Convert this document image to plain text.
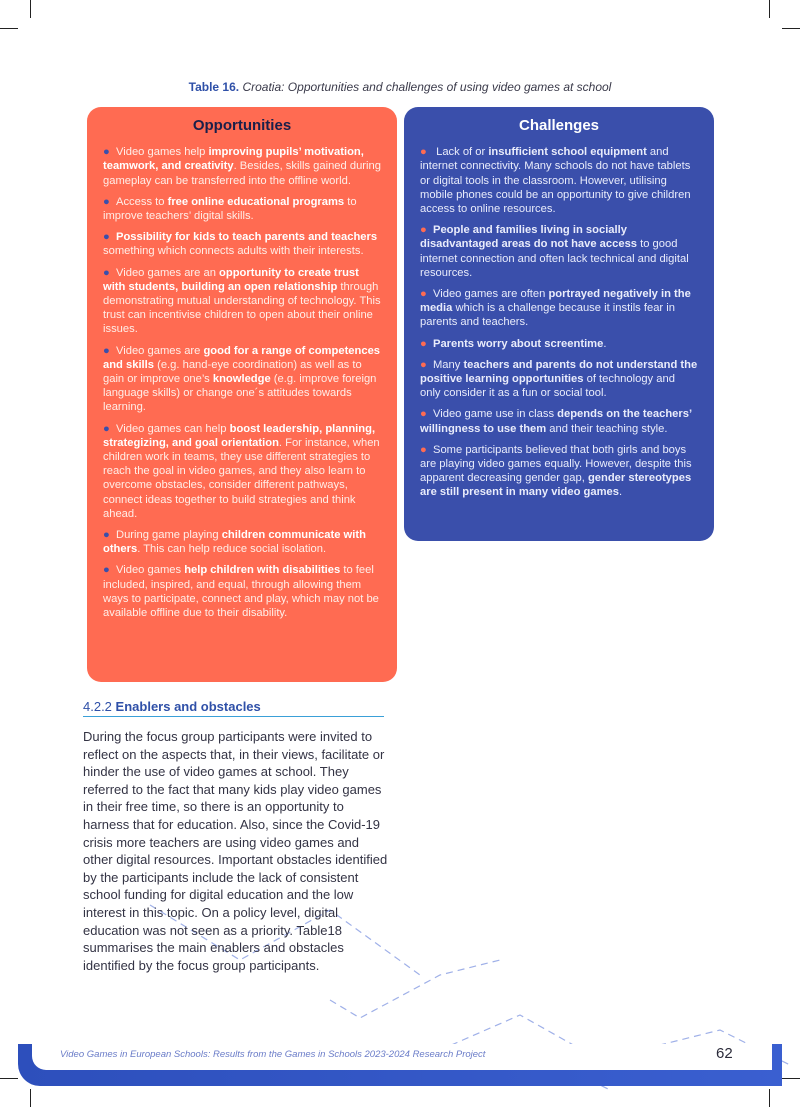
Table 16. Croatia: Opportunities and challenges of using video games at school
Opportunities

● Video games help improving pupils’ motivation, teamwork, and creativity. Besides, skills gained during gameplay can be transferred into the offline world.

● Access to free online educational programs to improve teachers’ digital skills.

● Possibility for kids to teach parents and teachers something which connects adults with their interests.

● Video games are an opportunity to create trust with students, building an open relationship through demonstrating mutual understanding of technology. This trust can incentivise children to open about their online issues.

● Video games are good for a range of competences and skills (e.g. hand-eye coordination) as well as to gain or improve one’s knowledge (e.g. improve foreign language skills) or change one´s attitudes towards learning.

● Video games can help boost leadership, planning, strategizing, and goal orientation. For instance, when children work in teams, they use different strategies to reach the goal in video games, and they also learn to overcome obstacles, consider different pathways, connect ideas together to build strategies and think ahead.

● During game playing children communicate with others. This can help reduce social isolation.

● Video games help children with disabilities to feel included, inspired, and equal, through allowing them ways to participate, connect and play, which may not be available offline due to their disability.

Challenges

●   Lack of or insufficient school equipment and internet connectivity. Many schools do not have tablets or digital tools in the classroom. However, utilising mobile phones could be an opportunity to give children access to online resources.

● People and families living in socially disadvantaged areas do not have access to good internet connection and often lack technical and digital resources.

● Video games are often portrayed negatively in the media which is a challenge because it instils fear in parents and teachers.

● Parents worry about screentime.

● Many teachers and parents do not understand the positive learning opportunities of technology and only consider it as a fun or social tool.

● Video game use in class depends on the teachers’ willingness to use them and their teaching style.

● Some participants believed that both girls and boys are playing video games equally. However, despite this apparent decreasing gender gap, gender stereotypes are still present in many video games.

4.2.2 Enablers and obstacles
During the focus group participants were invited to reflect on the aspects that, in their views, facilitate or hinder the use of video games at school. They referred to the fact that many kids play video games in their free time, so there is an opportunity to harness that for education. Also, since the Covid-19 crisis more teachers are using video games and other digital resources. Important obstacles identified by the participants include the lack of consistent school funding for digital education and the low interest in this topic. On a policy level, digital education was not seen as a priority. Table18 summarises the main enablers and obstacles identified by the focus group participants.
Video Games in European Schools: Results from the Games in Schools 2023-2024 Research Project	62
